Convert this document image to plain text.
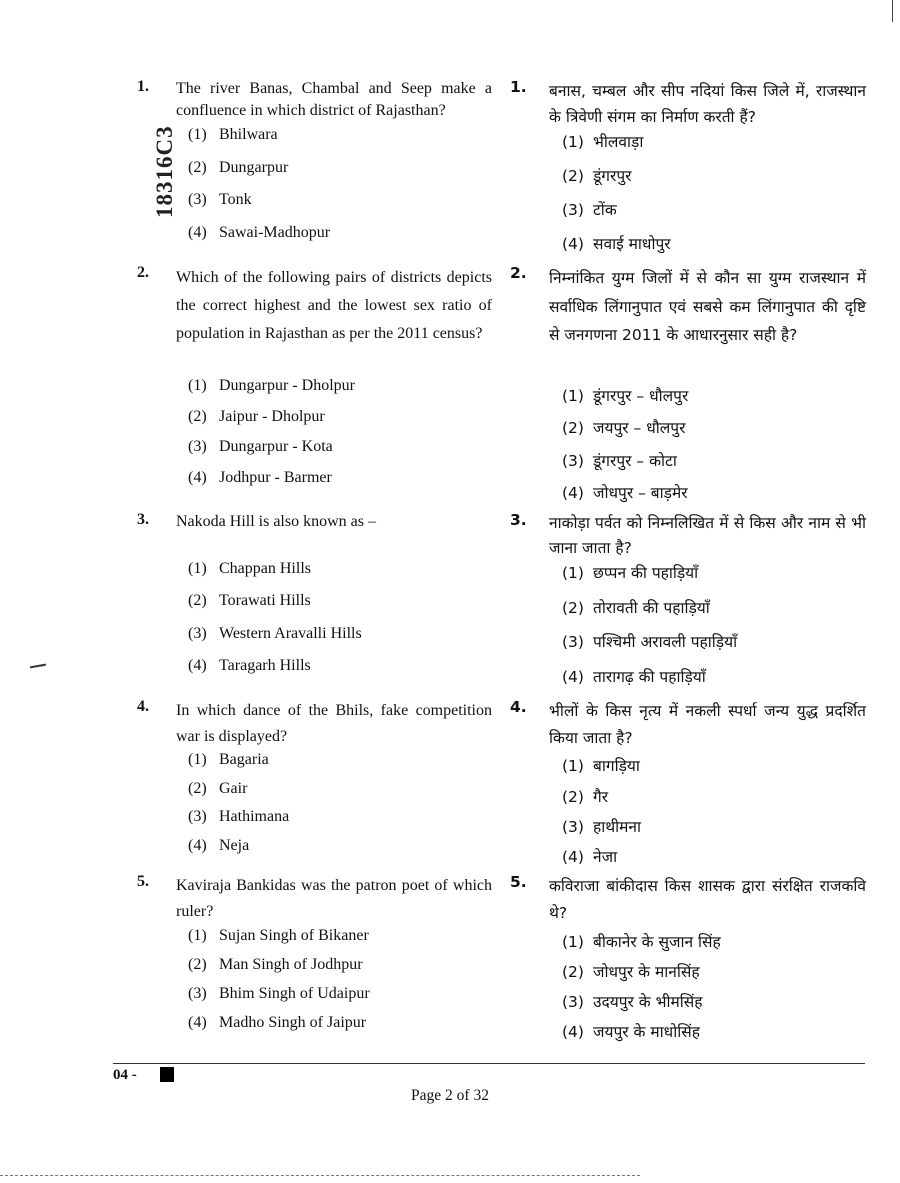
18316C3
1. The river Banas, Chambal and Seep make a confluence in which district of Rajasthan?
(1) Bhilwara
(2) Dungarpur
(3) Tonk
(4) Sawai-Madhopur
1. बनास, चम्बल और सीप नदियां किस जिले में, राजस्थान के त्रिवेणी संगम का निर्माण करती हैं?
(1) भीलवाड़ा
(2) डूंगरपुर
(3) टोंक
(4) सवाई माधोपुर
2. Which of the following pairs of districts depicts the correct highest and the lowest sex ratio of population in Rajasthan as per the 2011 census?
(1) Dungarpur - Dholpur
(2) Jaipur - Dholpur
(3) Dungarpur - Kota
(4) Jodhpur - Barmer
2. निम्नांकित युग्म जिलों में से कौन सा युग्म राजस्थान में सर्वाधिक लिंगानुपात एवं सबसे कम लिंगानुपात की दृष्टि से जनगणना 2011 के आधारनुसार सही है?
(1) डूंगरपुर – धौलपुर
(2) जयपुर – धौलपुर
(3) डूंगरपुर – कोटा
(4) जोधपुर – बाड़मेर
3. Nakoda Hill is also known as –
(1) Chappan Hills
(2) Torawati Hills
(3) Western Aravalli Hills
(4) Taragarh Hills
3. नाकोड़ा पर्वत को निम्नलिखित में से किस और नाम से भी जाना जाता है?
(1) छप्पन की पहाड़ियाँ
(2) तोरावती की पहाड़ियाँ
(3) पश्चिमी अरावली पहाड़ियाँ
(4) तारागढ़ की पहाड़ियाँ
4. In which dance of the Bhils, fake competition war is displayed?
(1) Bagaria
(2) Gair
(3) Hathimana
(4) Neja
4. भीलों के किस नृत्य में नकली स्पर्धा जन्य युद्ध प्रदर्शित किया जाता है?
(1) बागड़िया
(2) गैर
(3) हाथीमना
(4) नेजा
5. Kaviraja Bankidas was the patron poet of which ruler?
(1) Sujan Singh of Bikaner
(2) Man Singh of Jodhpur
(3) Bhim Singh of Udaipur
(4) Madho Singh of Jaipur
5. कविराजा बांकीदास किस शासक द्वारा संरक्षित राजकवि थे?
(1) बीकानेर के सुजान सिंह
(2) जोधपुर के मानसिंह
(3) उदयपुर के भीमसिंह
(4) जयपुर के माधोसिंह
04 -
Page 2 of 32
